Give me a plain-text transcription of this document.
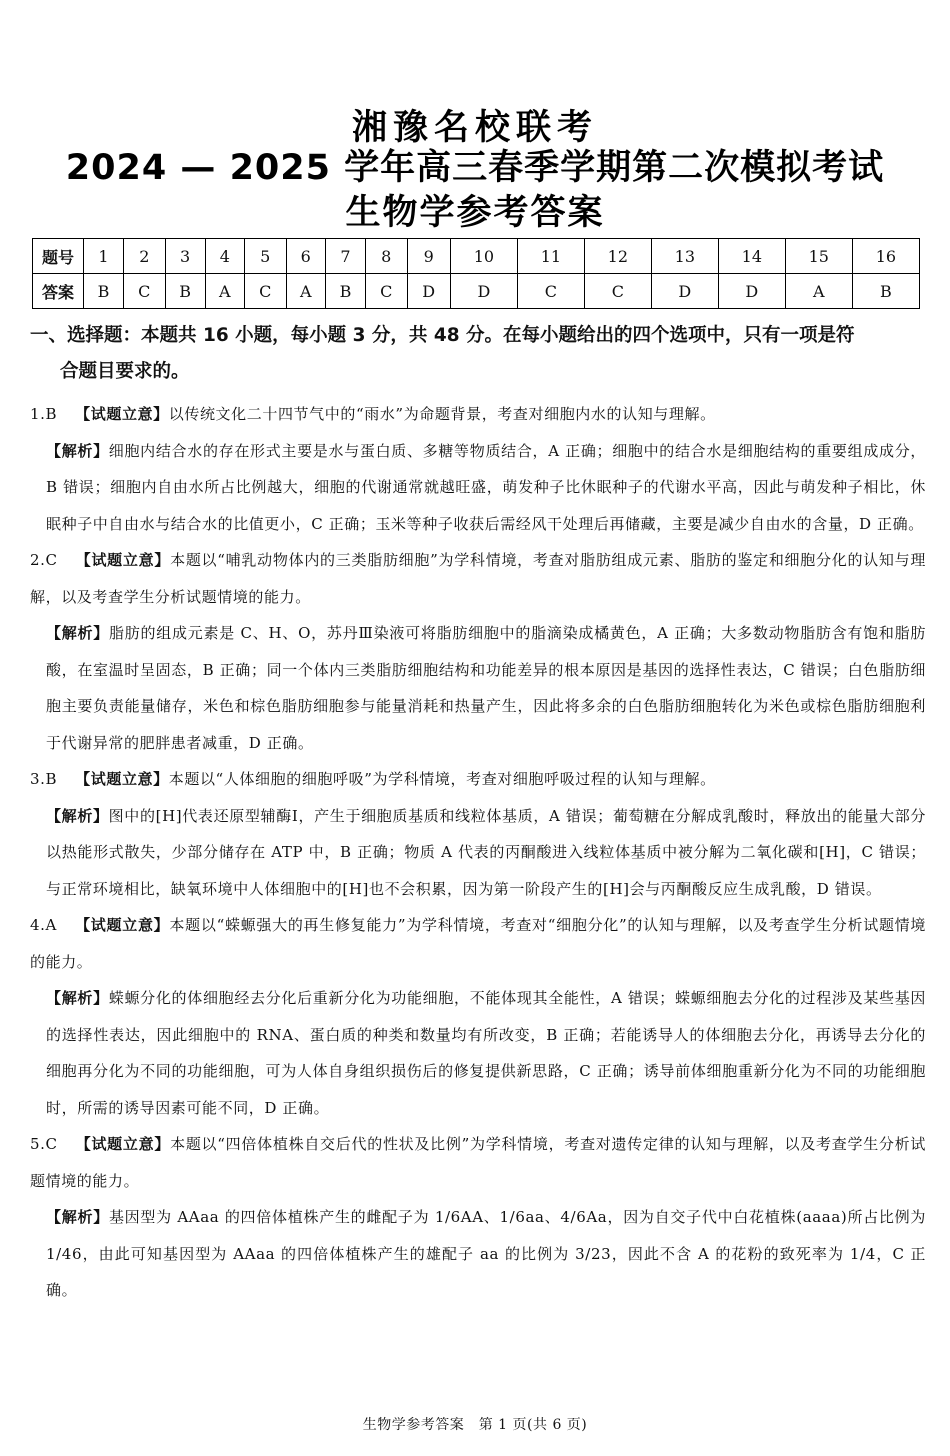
湘豫名校联考
2024 — 2025 学年高三春季学期第二次模拟考试
生物学参考答案
题号	1	2	3	4	5	6	7	8	9	10	11	12	13	14	15	16
答案	B	C	B	A	C	A	B	C	D	D	C	C	D	D	A	B
一、选择题：本题共 16 小题，每小题 3 分，共 48 分。在每小题给出的四个选项中，只有一项是符
合题目要求的。
1.B 【试题立意】以传统文化二十四节气中的“雨水”为命题背景，考查对细胞内水的认知与理解。
【解析】细胞内结合水的存在形式主要是水与蛋白质、多糖等物质结合，A 正确；细胞中的结合水是细胞结构的重要组成成分，B 错误；细胞内自由水所占比例越大，细胞的代谢通常就越旺盛，萌发种子比休眠种子的代谢水平高，因此与萌发种子相比，休眠种子中自由水与结合水的比值更小，C 正确；玉米等种子收获后需经风干处理后再储藏，主要是减少自由水的含量，D 正确。
2.C 【试题立意】本题以“哺乳动物体内的三类脂肪细胞”为学科情境，考查对脂肪组成元素、脂肪的鉴定和细胞分化的认知与理解，以及考查学生分析试题情境的能力。
【解析】脂肪的组成元素是 C、H、O，苏丹Ⅲ染液可将脂肪细胞中的脂滴染成橘黄色，A 正确；大多数动物脂肪含有饱和脂肪酸，在室温时呈固态，B 正确；同一个体内三类脂肪细胞结构和功能差异的根本原因是基因的选择性表达，C 错误；白色脂肪细胞主要负责能量储存，米色和棕色脂肪细胞参与能量消耗和热量产生，因此将多余的白色脂肪细胞转化为米色或棕色脂肪细胞利于代谢异常的肥胖患者减重，D 正确。
3.B 【试题立意】本题以“人体细胞的细胞呼吸”为学科情境，考查对细胞呼吸过程的认知与理解。
【解析】图中的[H]代表还原型辅酶Ⅰ，产生于细胞质基质和线粒体基质，A 错误；葡萄糖在分解成乳酸时，释放出的能量大部分以热能形式散失，少部分储存在 ATP 中，B 正确；物质 A 代表的丙酮酸进入线粒体基质中被分解为二氧化碳和[H]，C 错误；与正常环境相比，缺氧环境中人体细胞中的[H]也不会积累，因为第一阶段产生的[H]会与丙酮酸反应生成乳酸，D 错误。
4.A 【试题立意】本题以“蝾螈强大的再生修复能力”为学科情境，考查对“细胞分化”的认知与理解，以及考查学生分析试题情境的能力。
【解析】蝾螈分化的体细胞经去分化后重新分化为功能细胞，不能体现其全能性，A 错误；蝾螈细胞去分化的过程涉及某些基因的选择性表达，因此细胞中的 RNA、蛋白质的种类和数量均有所改变，B 正确；若能诱导人的体细胞去分化，再诱导去分化的细胞再分化为不同的功能细胞，可为人体自身组织损伤后的修复提供新思路，C 正确；诱导前体细胞重新分化为不同的功能细胞时，所需的诱导因素可能不同，D 正确。
5.C 【试题立意】本题以“四倍体植株自交后代的性状及比例”为学科情境，考查对遗传定律的认知与理解，以及考查学生分析试题情境的能力。
【解析】基因型为 AAaa 的四倍体植株产生的雌配子为 1/6AA、1/6aa、4/6Aa，因为自交子代中白花植株(aaaa)所占比例为 1/46，由此可知基因型为 AAaa 的四倍体植株产生的雄配子 aa 的比例为 3/23，因此不含 A 的花粉的致死率为 1/4，C 正确。
生物学参考答案　第 1 页(共 6 页)
